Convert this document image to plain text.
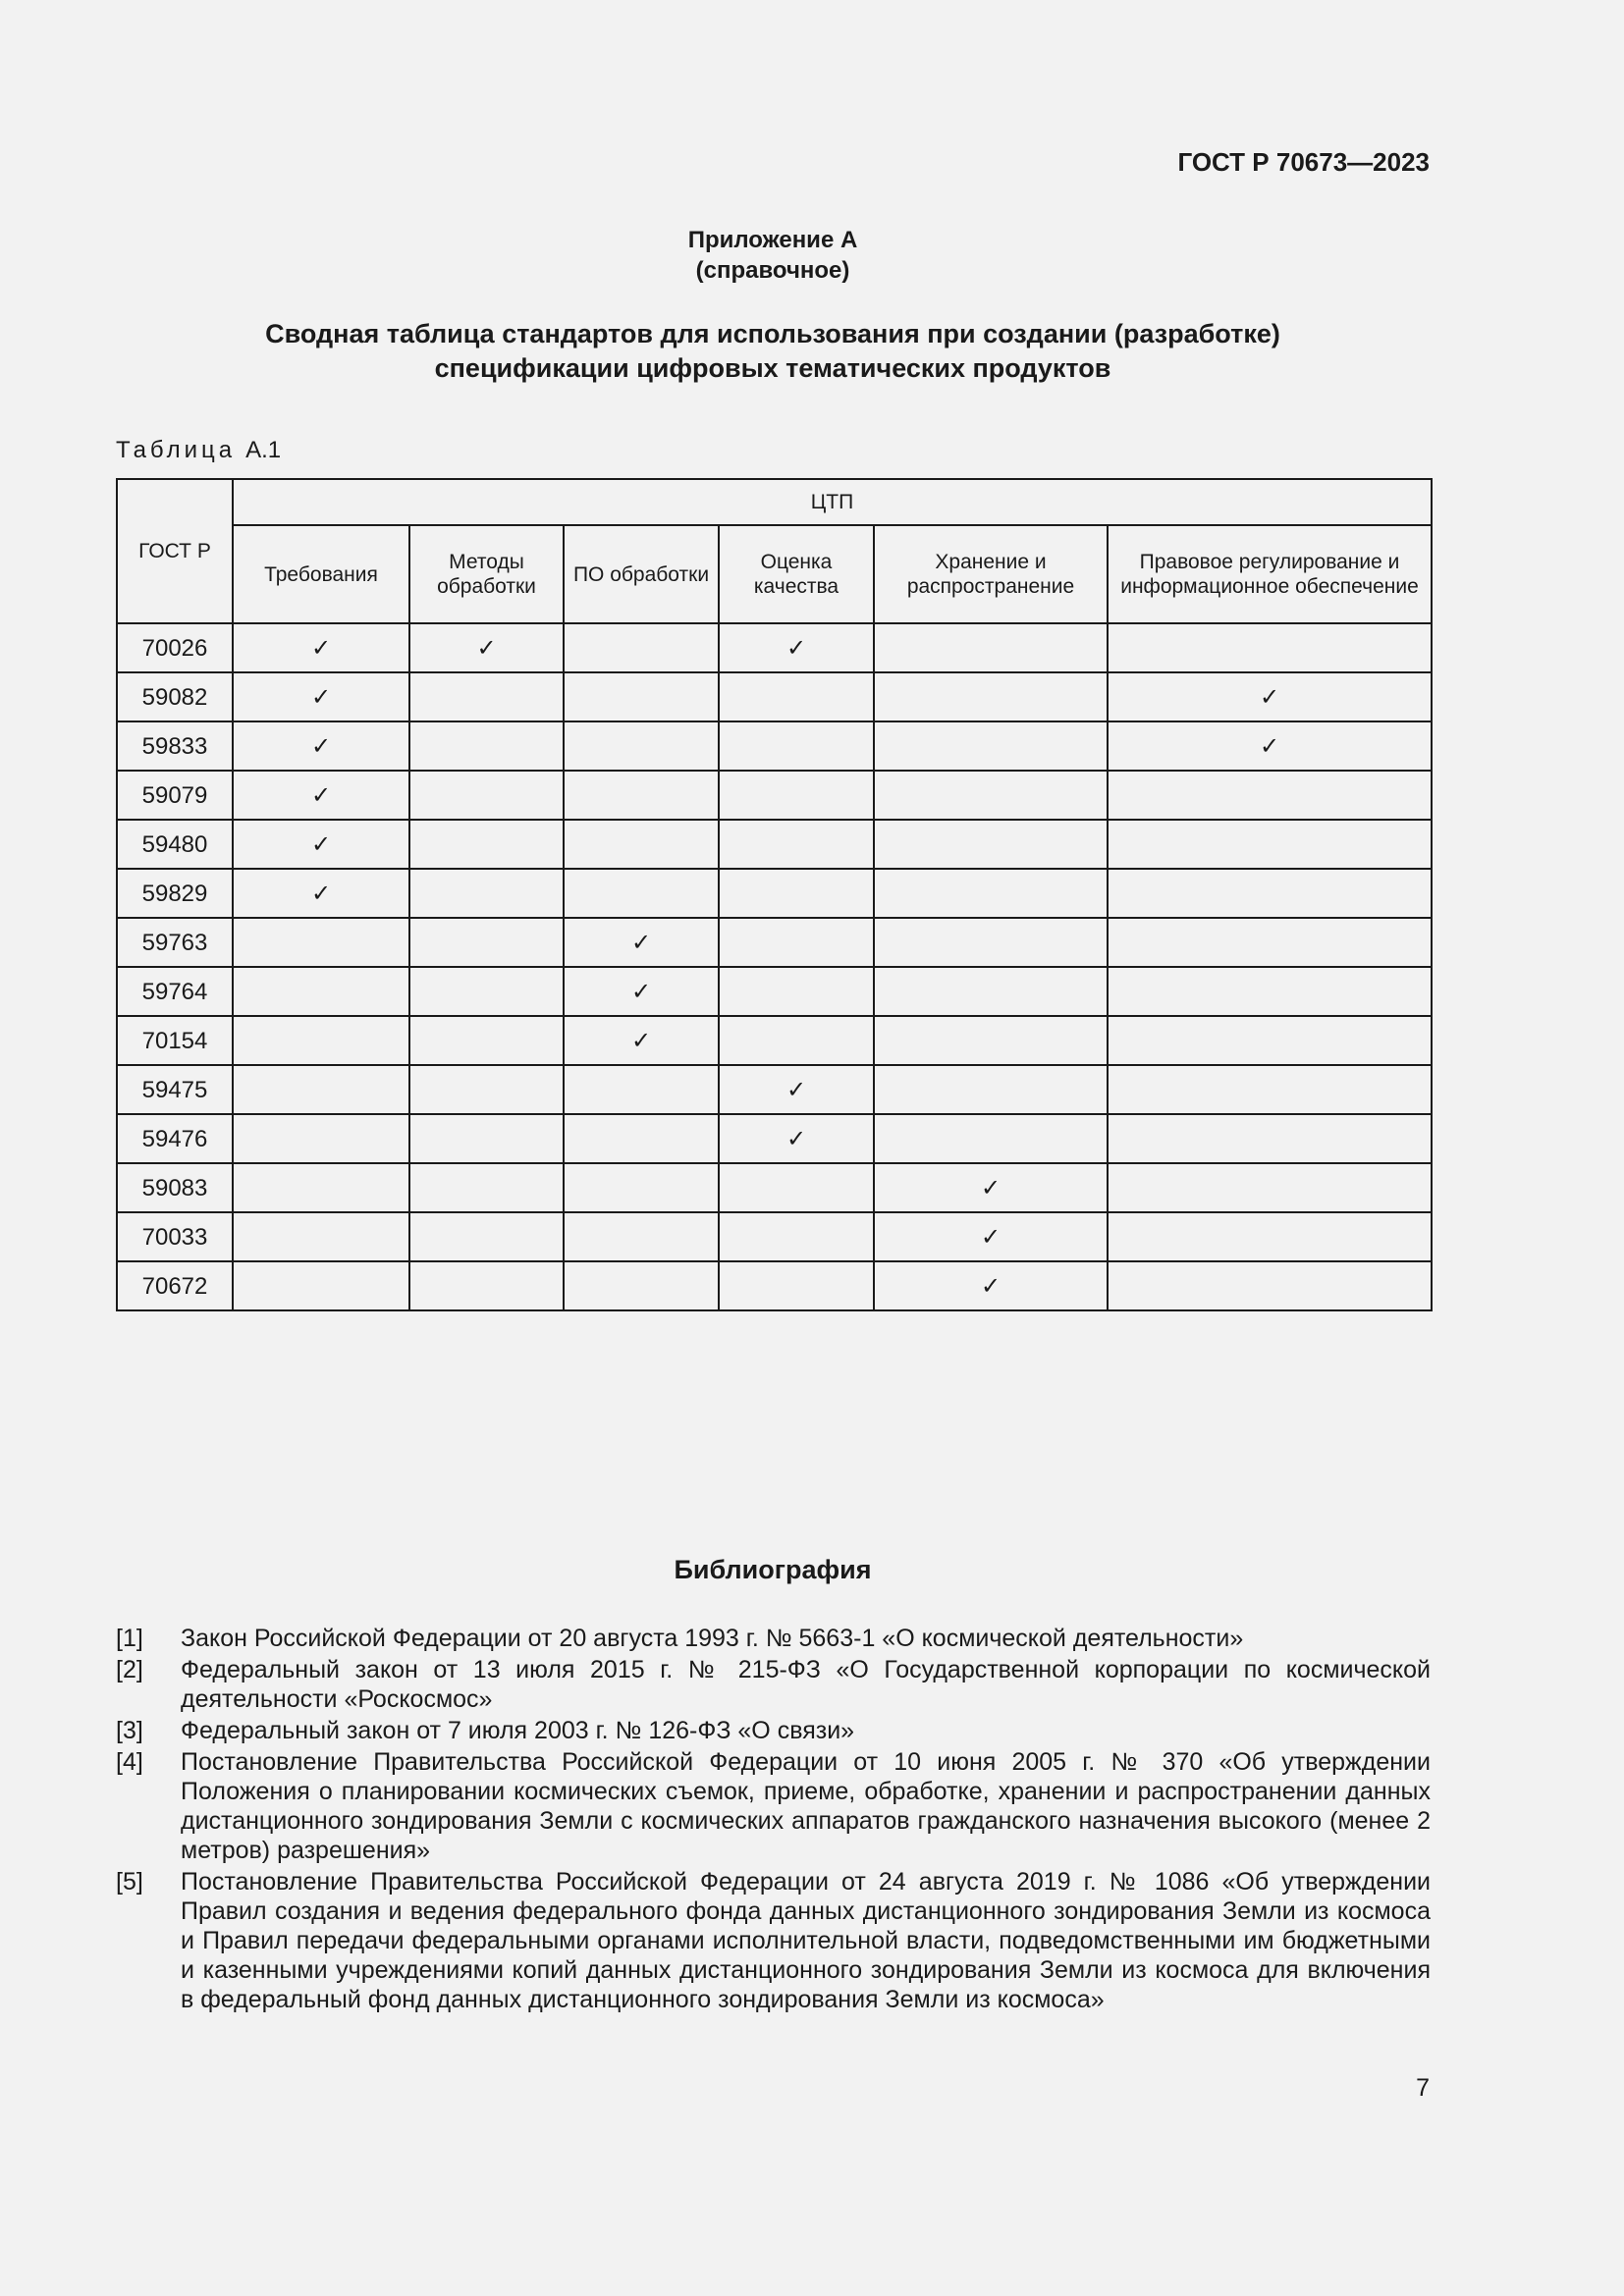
ГОСТ Р 70673—2023
Приложение А
(справочное)
Сводная таблица стандартов для использования при создании (разработке)
спецификации цифровых тематических продуктов
Таблица А.1
ГОСТ Р	ЦТП					
	Требования	Методы обработки	ПО обработки	Оценка качества	Хранение и распространение	Правовое регулирование и информационное обеспечение
70026	✓	✓		✓		
59082	✓					✓
59833	✓					✓
59079	✓					
59480	✓					
59829	✓					
59763			✓			
59764			✓			
70154			✓			
59475				✓		
59476				✓		
59083					✓	
70033					✓	
70672					✓	
Библиография
[1]	Закон Российской Федерации от 20 августа 1993 г. № 5663-1 «О космической деятельности»
[2]	Федеральный закон от 13 июля 2015 г. № 215-ФЗ «О Государственной корпорации по космической деятельности «Роскосмос»
[3]	Федеральный закон от 7 июля 2003 г. № 126-ФЗ «О связи»
[4]	Постановление Правительства Российской Федерации от 10 июня 2005 г. № 370 «Об утверждении Положения о планировании космических съемок, приеме, обработке, хранении и распространении данных дистанционного зондирования Земли с космических аппаратов гражданского назначения высокого (менее 2 метров) разрешения»
[5]	Постановление Правительства Российской Федерации от 24 августа 2019 г. № 1086 «Об утверждении Правил создания и ведения федерального фонда данных дистанционного зондирования Земли из космоса и Правил передачи федеральными органами исполнительной власти, подведомственными им бюджетными и казенными учреждениями копий данных дистанционного зондирования Земли из космоса для включения в федеральный фонд данных дистанционного зондирования Земли из космоса»
7
